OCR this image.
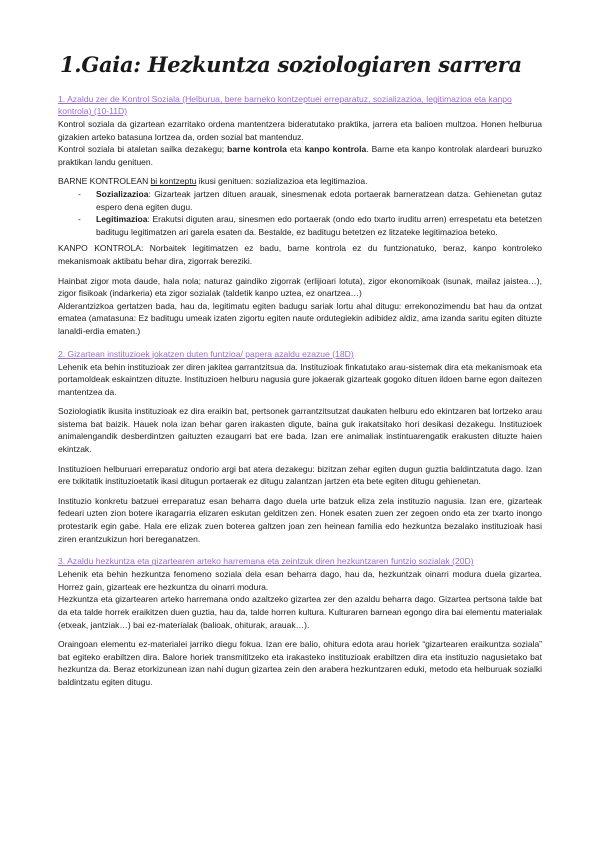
1.Gaia: Hezkuntza soziologiaren sarrera
1. Azaldu zer de Kontrol Soziala (Helburua, bere barneko kontzeptuei erreparatuz, sozializazioa, legitimazioa eta kanpo kontrola) (10-11D)

Kontrol soziala da gizartean ezarritako ordena mantentzera bideratutako praktika, jarrera eta balioen multzoa. Honen helburua gizakien arteko batasuna lortzea da, orden sozial bat mantenduz.

Kontrol soziala bi ataletan sailka dezakegu; barne kontrola eta kanpo kontrola. Barne eta kanpo kontrolak alardeari buruzko praktikan landu genituen.

BARNE KONTROLEAN bi kontzeptu ikusi genituen: sozializazioa eta legitimazioa.

- Sozializazioa: Gizarteak jartzen dituen arauak, sinesmenak edota portaerak barneratzean datza. Gehienetan gutaz espero dena egiten dugu.
- Legitimazioa: Erakutsi diguten arau, sinesmen edo portaerak (ondo edo txarto iruditu arren) errespetatu eta betetzen baditugu legitimatzen ari garela esaten da. Bestalde, ez baditugu betetzen ez litzateke legitimazioa beteko.

KANPO KONTROLA: Norbaitek legitimatzen ez badu, barne kontrola ez du funtzionatuko, beraz, kanpo kontroleko mekanismoak aktibatu behar dira, zigorrak bereziki.

Hainbat zigor mota daude, hala nola; naturaz gaindiko zigorrak (erlijioari lotuta), zigor ekonomikoak (isunak, mailaz jaistea…), zigor fisikoak (indarkeria) eta zigor sozialak (taldetik kanpo uztea, ez onartzea…)

Alderantzizkoa gertatzen bada, hau da, legitimatu egiten badugu sariak lortu ahal ditugu: errekonozimendu bat hau da ontzat ematea (amatasuna: Ez baditugu umeak izaten zigortu egiten naute ordutegiekin adibidez aldiz, ama izanda saritu egiten dituzte lanaldi-erdia ematen.)

2. Gizartean instituzioek jokatzen duten funtzioa/ papera azaldu ezazue (18D)

Lehenik eta behin instituzioak zer diren jakitea garrantzitsua da. Instituzioak finkatutako arau-sistemak dira eta mekanismoak eta portamoldeak eskaintzen dituzte. Instituzioen helburu nagusia gure jokaerak gizarteak gogoko dituen ildoen barne egon daitezen mantentzea da.

Soziologiatik ikusita instituzioak ez dira eraikin bat, pertsonek garrantzitsutzat daukaten helburu edo ekintzaren bat lortzeko arau sistema bat baizik. Hauek nola izan behar garen irakasten digute, baina guk irakatsitako hori desikasi dezakegu. Instituzioek animalengandik desberdintzen gaituzten ezaugarri bat ere bada. Izan ere animaliak instintuarengatik erakusten dituzte haien ekintzak.

Instituzioen helburuari erreparatuz ondorio argi bat atera dezakegu: bizitzan zehar egiten dugun guztia baldintzatuta dago. Izan ere txikitatik instituzioetatik ikasi ditugun portaerak ez ditugu zalantzan jartzen eta bete egiten ditugu gehienetan.

Instituzio konkretu batzuei erreparatuz esan beharra dago duela urte batzuk eliza zela instituzio nagusia. Izan ere, gizarteak fedeari uzten zion botere ikaragarria elizaren eskutan gelditzen zen. Honek esaten zuen zer zegoen ondo eta zer txarto inongo protestarik egin gabe. Hala ere elizak zuen boterea galtzen joan zen heinean familia edo hezkuntza bezalako instituzioak hasi ziren erantzukizun hori bereganatzen.

3. Azaldu hezkuntza eta gizartearen arteko harremana eta zeintzuk diren hezkuntzaren funtzio sozialak (20D)

Lehenik eta behin hezkuntza fenomeno soziala dela esan beharra dago, hau da, hezkuntzak oinarri modura duela gizartea. Horrez gain, gizarteak ere hezkuntza du oinarri modura.

Hezkuntza eta gizartearen arteko harremana ondo azaltzeko gizartea zer den azaldu beharra dago. Gizartea pertsona talde bat da eta talde horrek eraikitzen duen guztia, hau da, talde horren kultura. Kulturaren barnean egongo dira bai elementu materialak (etxeak, jantziak…) bai ez-materialak (balioak, ohiturak, arauak…).

Oraingoan elementu ez-materialei jarriko diegu fokua. Izan ere balio, ohitura edota arau horiek “gizartearen eraikuntza soziala” bat egiteko erabiltzen dira. Balore horiek transmititzeko eta irakasteko instituzioak erabiltzen dira eta instituzio nagusietako bat hezkuntza da. Beraz etorkizunean izan nahi dugun gizartea zein den arabera hezkuntzaren eduki, metodo eta helburuak sozialki baldintzatu egiten ditugu.
